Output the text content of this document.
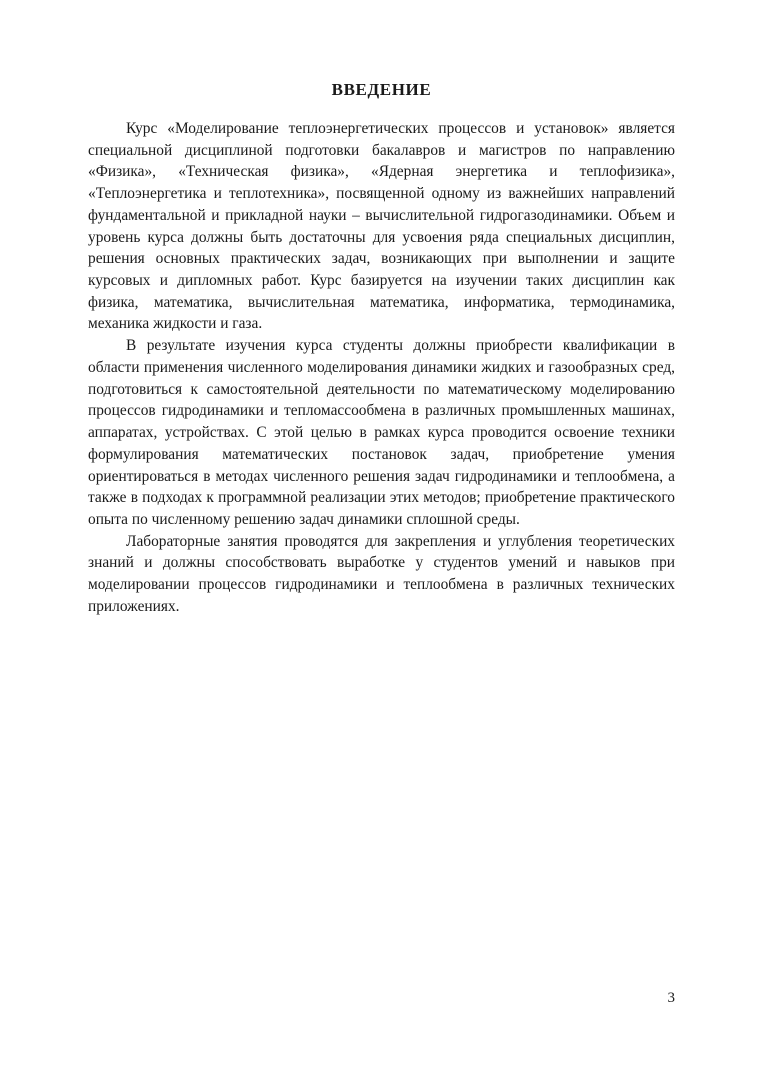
ВВЕДЕНИЕ

Курс «Моделирование теплоэнергетических процессов и установок» является специальной дисциплиной подготовки бакалавров и магистров по направлению «Физика», «Техническая физика», «Ядерная энергетика и теплофизика», «Теплоэнергетика и теплотехника», посвященной одному из важнейших направлений фундаментальной и прикладной науки – вычислительной гидрогазодинамики. Объем и уровень курса должны быть достаточны для усвоения ряда специальных дисциплин, решения основных практических задач, возникающих при выполнении и защите курсовых и дипломных работ. Курс базируется на изучении таких дисциплин как физика, математика, вычислительная математика, информатика, термодинамика, механика жидкости и газа.

В результате изучения курса студенты должны приобрести квалификации в области применения численного моделирования динамики жидких и газообразных сред, подготовиться к самостоятельной деятельности по математическому моделированию процессов гидродинамики и тепломассообмена в различных промышленных машинах, аппаратах, устройствах. С этой целью в рамках курса проводится освоение техники формулирования математических постановок задач, приобретение умения ориентироваться в методах численного решения задач гидродинамики и теплообмена, а также в подходах к программной реализации этих методов; приобретение практического опыта по численному решению задач динамики сплошной среды.

Лабораторные занятия проводятся для закрепления и углубления теоретических знаний и должны способствовать выработке у студентов умений и навыков при моделировании процессов гидродинамики и теплообмена в различных технических приложениях.

3
